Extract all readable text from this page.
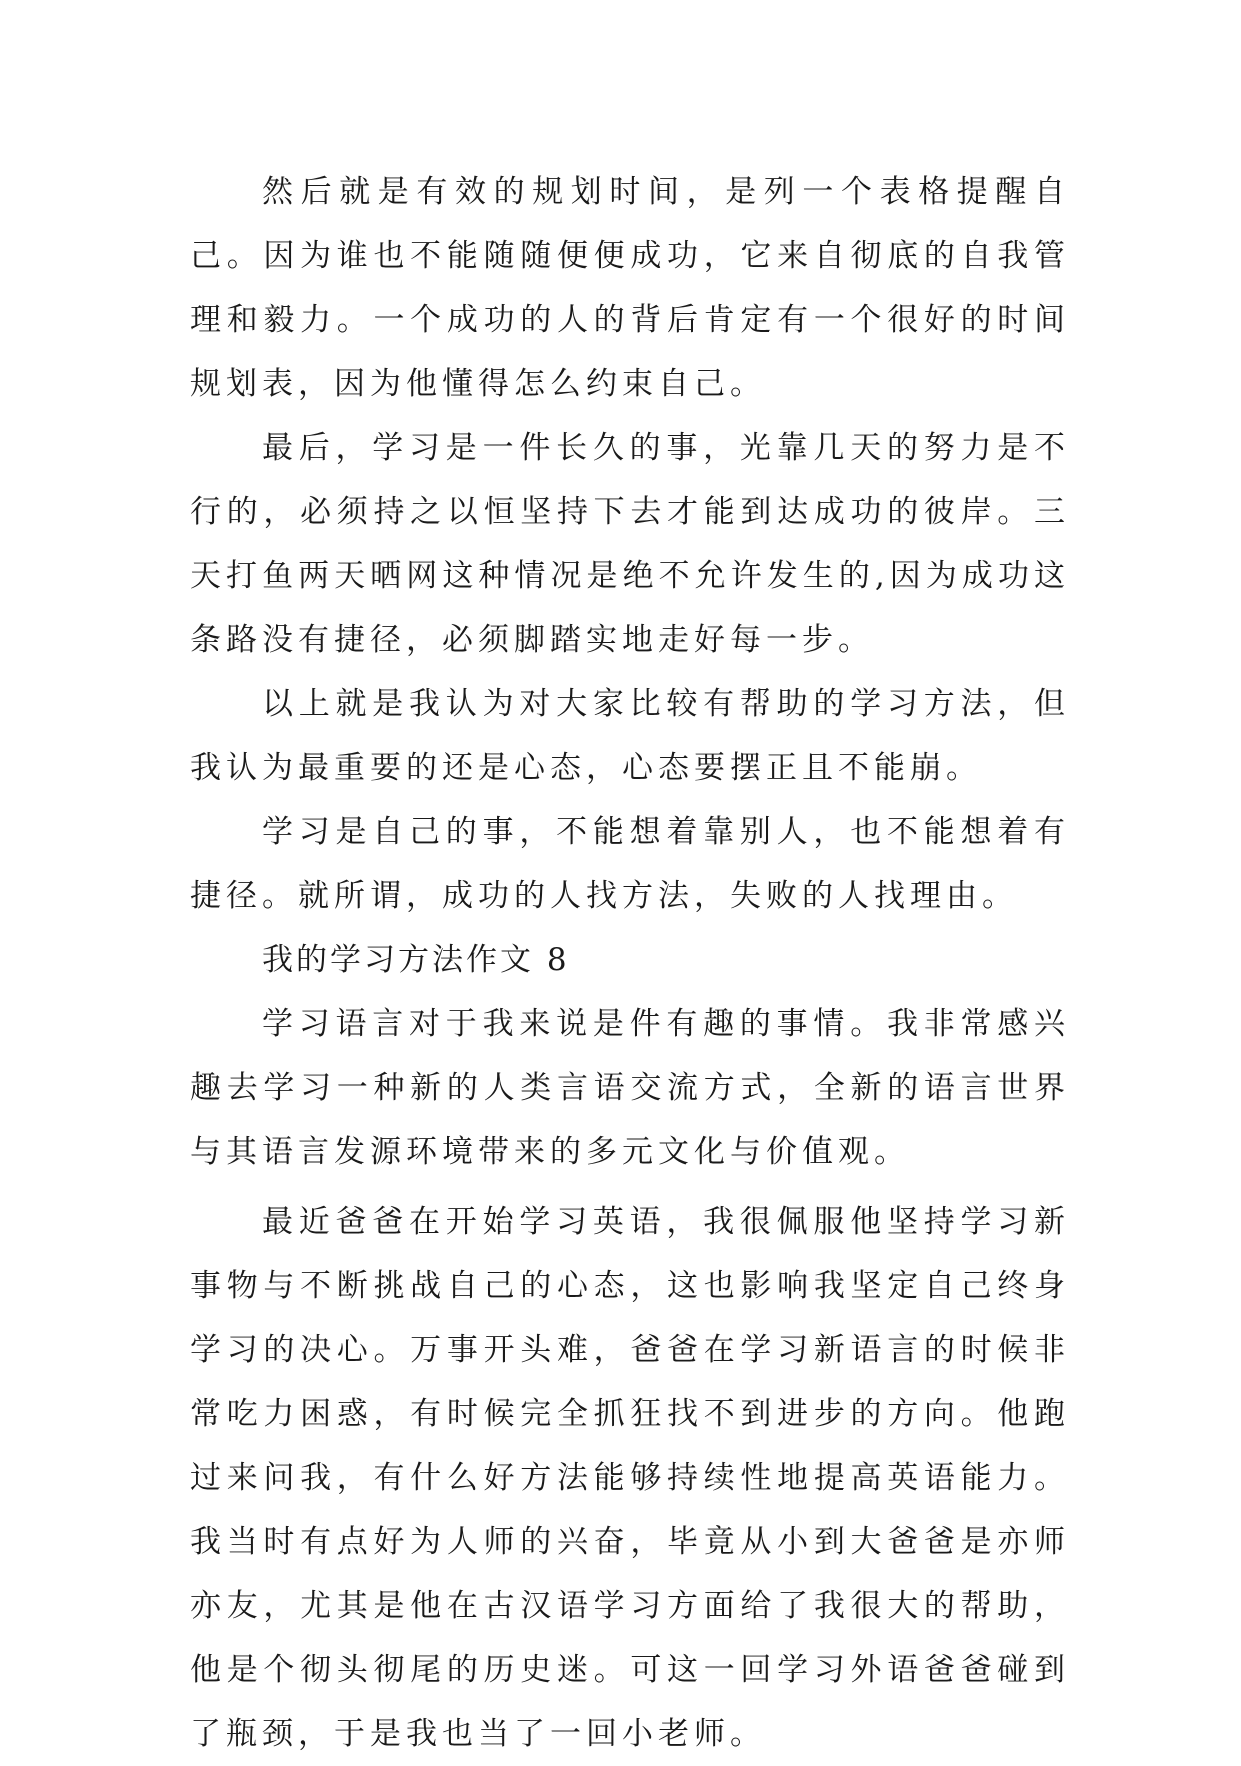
然后就是有效的规划时间，是列一个表格提醒自己。因为谁也不能随随便便成功，它来自彻底的自我管理和毅力。一个成功的人的背后肯定有一个很好的时间规划表，因为他懂得怎么约束自己。

最后，学习是一件长久的事，光靠几天的努力是不行的，必须持之以恒坚持下去才能到达成功的彼岸。三天打鱼两天晒网这种情况是绝不允许发生的,因为成功这条路没有捷径，必须脚踏实地走好每一步。

以上就是我认为对大家比较有帮助的学习方法，但我认为最重要的还是心态，心态要摆正且不能崩。

学习是自己的事，不能想着靠别人，也不能想着有捷径。就所谓，成功的人找方法，失败的人找理由。

我的学习方法作文 8

学习语言对于我来说是件有趣的事情。我非常感兴趣去学习一种新的人类言语交流方式，全新的语言世界与其语言发源环境带来的多元文化与价值观。

最近爸爸在开始学习英语，我很佩服他坚持学习新事物与不断挑战自己的心态，这也影响我坚定自己终身学习的决心。万事开头难，爸爸在学习新语言的时候非常吃力困惑，有时候完全抓狂找不到进步的方向。他跑过来问我，有什么好方法能够持续性地提高英语能力。我当时有点好为人师的兴奋，毕竟从小到大爸爸是亦师亦友，尤其是他在古汉语学习方面给了我很大的帮助，他是个彻头彻尾的历史迷。可这一回学习外语爸爸碰到了瓶颈，于是我也当了一回小老师。
